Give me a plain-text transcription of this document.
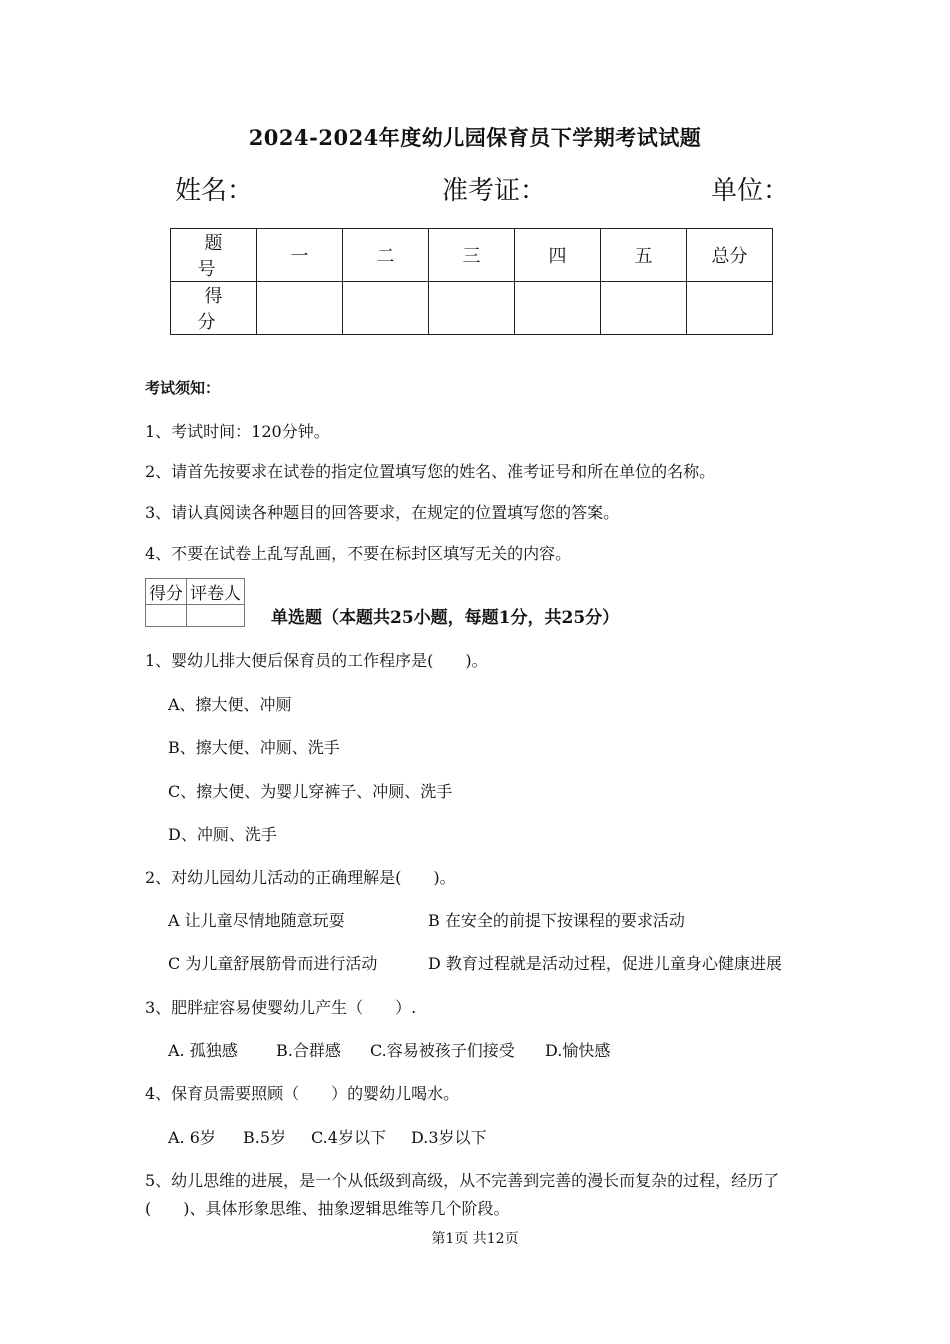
2024-2024年度幼儿园保育员下学期考试试题
姓名：	准考证：	单位：
题　号	一	二	三	四	五	总分
得　分						
考试须知：
1、考试时间：120分钟。
2、请首先按要求在试卷的指定位置填写您的姓名、准考证号和所在单位的名称。
3、请认真阅读各种题目的回答要求，在规定的位置填写您的答案。
4、不要在试卷上乱写乱画，不要在标封区填写无关的内容。
得分	评卷人

单选题（本题共25小题，每题1分，共25分）
1、婴幼儿排大便后保育员的工作程序是(　　)。
A、擦大便、冲厕
B、擦大便、冲厕、洗手
C、擦大便、为婴儿穿裤子、冲厕、洗手
D、冲厕、洗手
2、对幼儿园幼儿活动的正确理解是(　　)。
A 让儿童尽情地随意玩耍	B 在安全的前提下按课程的要求活动
C 为儿童舒展筋骨而进行活动	D 教育过程就是活动过程，促进儿童身心健康进展
3、肥胖症容易使婴幼儿产生（　　）.
A. 孤独感 B.合群感 C.容易被孩子们接受 D.愉快感
4、保育员需要照顾（　　）的婴幼儿喝水。
A. 6岁 B.5岁 C.4岁以下 D.3岁以下
5、幼儿思维的进展，是一个从低级到高级，从不完善到完善的漫长而复杂的过程，经历了
(　　)、具体形象思维、抽象逻辑思维等几个阶段。
第1页 共12页
